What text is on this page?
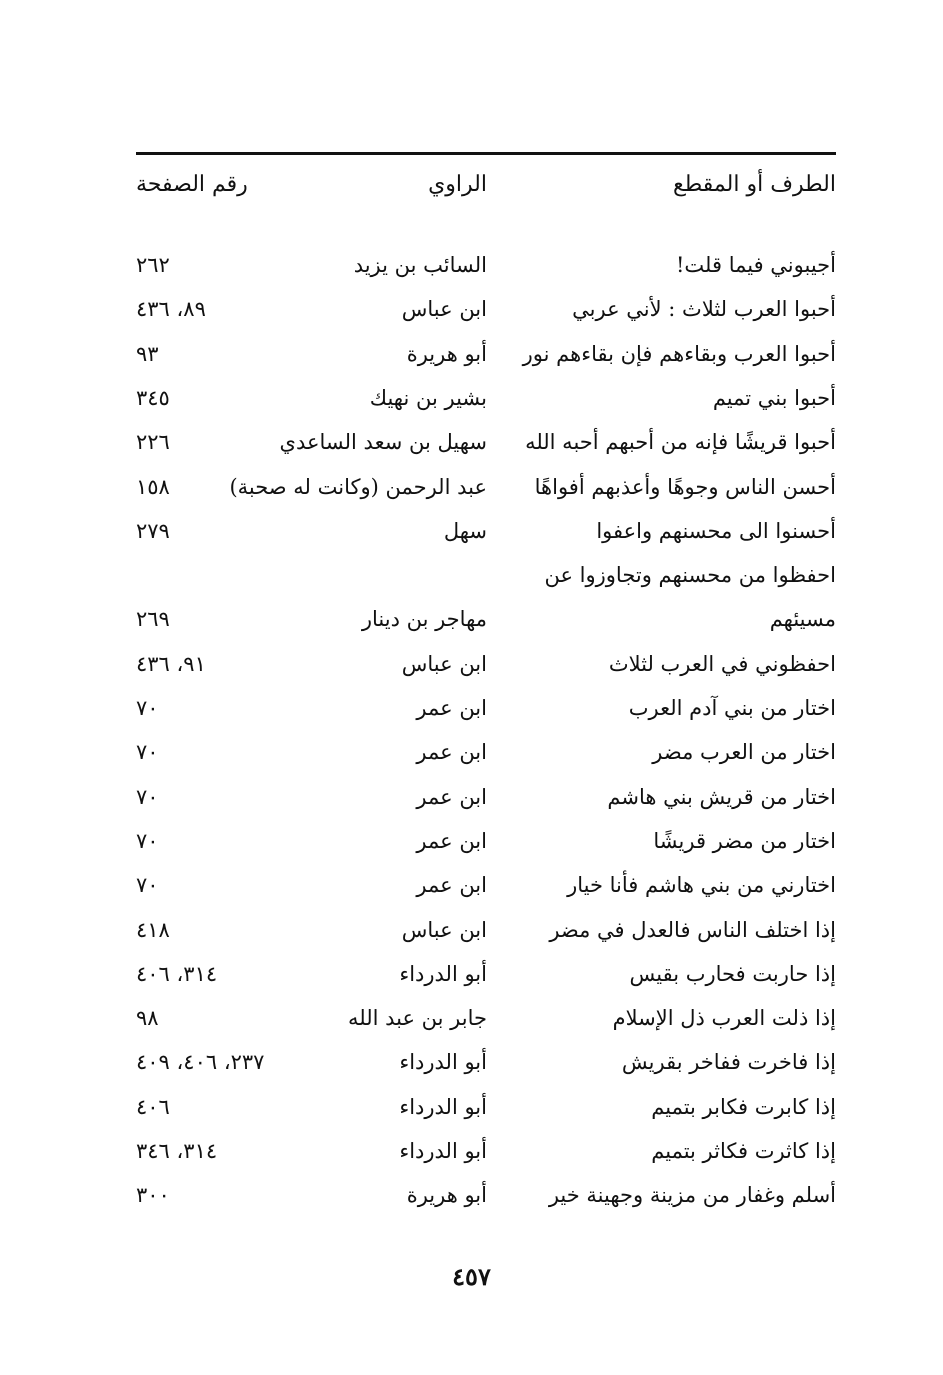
الطرف أو المقطع
الراوي
رقم الصفحة
أجيبوني فيما قلت!
السائب بن يزيد
٢٦٢
أحبوا العرب لثلاث : لأني عربي
ابن عباس
٨٩، ٤٣٦
أحبوا العرب وبقاءهم فإن بقاءهم نور
أبو هريرة
٩٣
أحبوا بني تميم
بشير بن نهيك
٣٤٥
أحبوا قريشًا فإنه من أحبهم أحبه الله
سهيل بن سعد الساعدي
٢٢٦
أحسن الناس وجوهًا وأعذبهم أفواهًا
عبد الرحمن (وكانت له صحبة)
١٥٨
أحسنوا الى محسنهم واعفوا
سهل
٢٧٩
احفظوا من محسنهم وتجاوزوا عن
مسيئهم
مهاجر بن دينار
٢٦٩
احفظوني في العرب لثلاث
ابن عباس
٩١، ٤٣٦
اختار من بني آدم العرب
ابن عمر
٧٠
اختار من العرب مضر
ابن عمر
٧٠
اختار من قريش بني هاشم
ابن عمر
٧٠
اختار من مضر قريشًا
ابن عمر
٧٠
اختارني من بني هاشم فأنا خيار
ابن عمر
٧٠
إذا اختلف الناس فالعدل في مضر
ابن عباس
٤١٨
إذا حاربت فحارب بقيس
أبو الدرداء
٣١٤، ٤٠٦
إذا ذلت العرب ذل الإسلام
جابر بن عبد الله
٩٨
إذا فاخرت ففاخر بقريش
أبو الدرداء
٢٣٧، ٤٠٦، ٤٠٩
إذا كابرت فكابر بتميم
أبو الدرداء
٤٠٦
إذا كاثرت فكاثر بتميم
أبو الدرداء
٣١٤، ٣٤٦
أسلم وغفار من مزينة وجهينة خير
أبو هريرة
٣٠٠
٤٥٧
